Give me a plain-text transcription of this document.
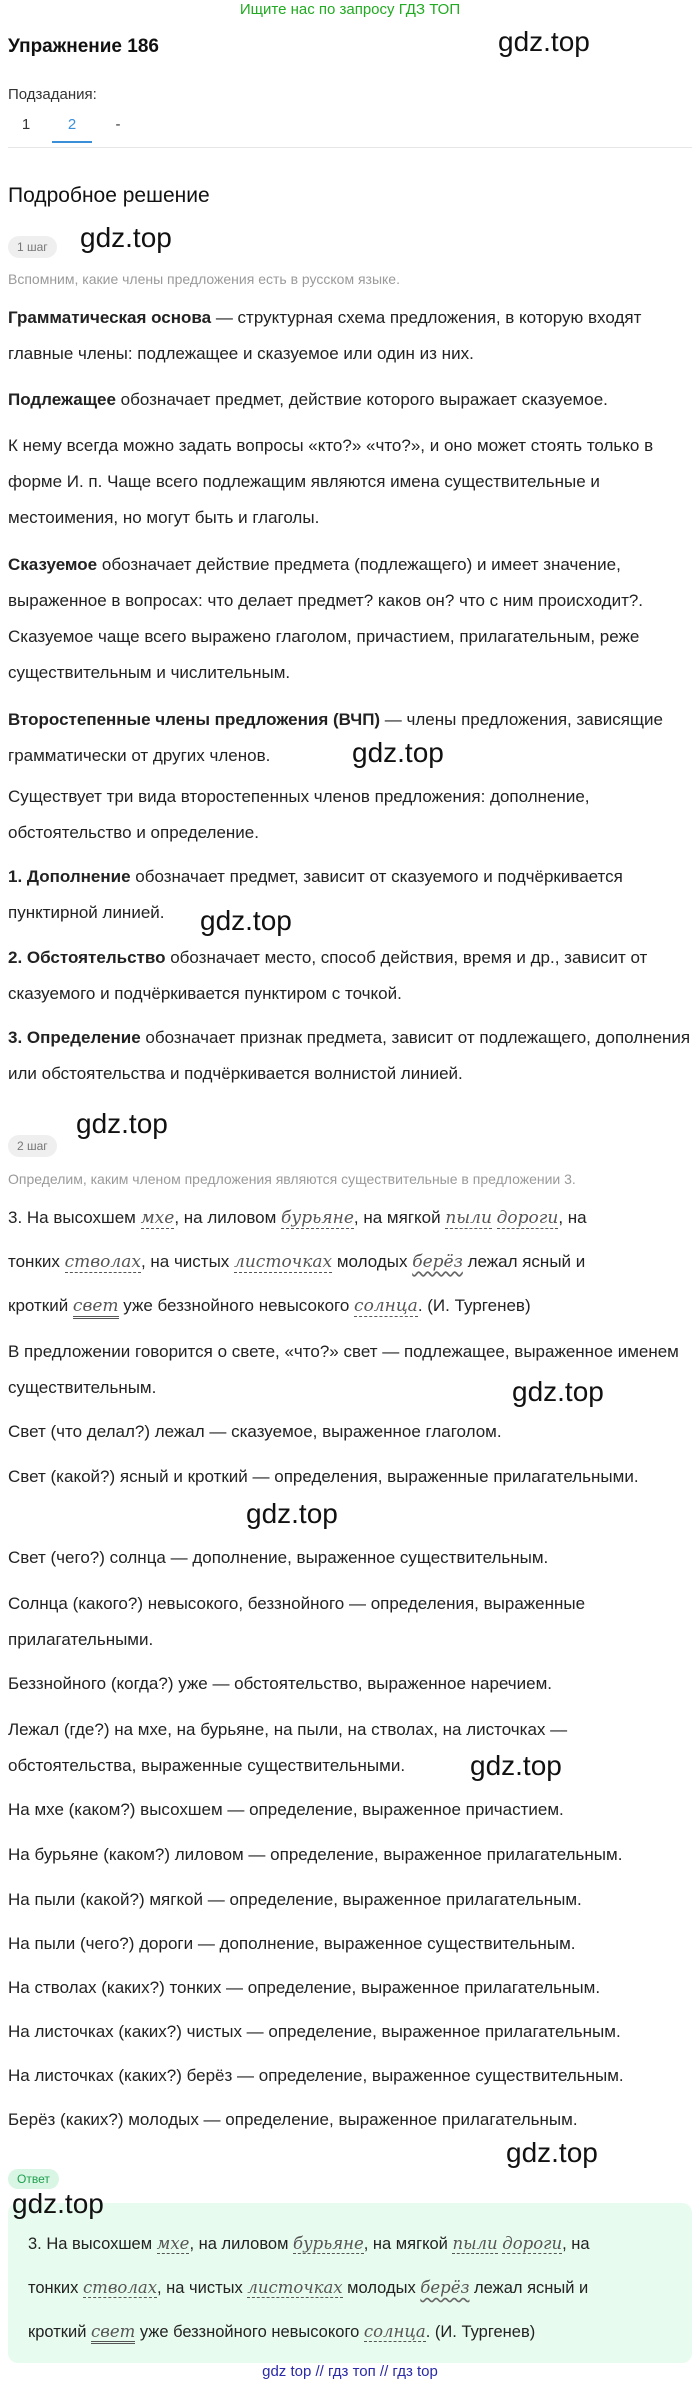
Ищите нас по запросу ГДЗ ТОП
Упражнение 186	gdz.top
Подзадания:
1	2	-
Подробное решение
1 шаг	gdz.top
Вспомним, какие члены предложения есть в русском языке.
Грамматическая основа — структурная схема предложения, в которую входят главные члены: подлежащее и сказуемое или один из них.
Подлежащее обозначает предмет, действие которого выражает сказуемое.
К нему всегда можно задать вопросы «кто?» «что?», и оно может стоять только в форме И. п. Чаще всего подлежащим являются имена существительные и местоимения, но могут быть и глаголы.
Сказуемое обозначает действие предмета (подлежащего) и имеет значение, выраженное в вопросах: что делает предмет? каков он? что с ним происходит?. Сказуемое чаще всего выражено глаголом, причастием, прилагательным, реже существительным и числительным.
Второстепенные члены предложения (ВЧП) — члены предложения, зависящие грамматически от других членов.	gdz.top
Существует три вида второстепенных членов предложения: дополнение, обстоятельство и определение.
1. Дополнение обозначает предмет, зависит от сказуемого и подчёркивается пунктирной линией.	gdz.top
2. Обстоятельство обозначает место, способ действия, время и др., зависит от сказуемого и подчёркивается пунктиром с точкой.
3. Определение обозначает признак предмета, зависит от подлежащего, дополнения или обстоятельства и подчёркивается волнистой линией.
2 шаг
gdz.top
Определим, каким членом предложения являются существительные в предложении 3.
3. На высохшем мхе, на лиловом бурьяне, на мягкой пыли дороги, на
тонких стволах, на чистых листочках молодых берёз лежал ясный и
кроткий свет уже беззнойного невысокого солнца. (И. Тургенев)
В предложении говорится о свете, «что?» свет — подлежащее, выраженное именем существительным.	gdz.top
Свет (что делал?) лежал — сказуемое, выраженное глаголом.
Свет (какой?) ясный и кроткий — определения, выраженные прилагательными.
gdz.top
Свет (чего?) солнца — дополнение, выраженное существительным.
Солнца (какого?) невысокого, беззнойного — определения, выраженные прилагательными.
Беззнойного (когда?) уже — обстоятельство, выраженное наречием.
Лежал (где?) на мхе, на бурьяне, на пыли, на стволах, на листочках — обстоятельства, выраженные существительными.	gdz.top
На мхе (каком?) высохшем — определение, выраженное причастием.
На бурьяне (каком?) лиловом — определение, выраженное прилагательным.
На пыли (какой?) мягкой — определение, выраженное прилагательным.
На пыли (чего?) дороги — дополнение, выраженное существительным.
На стволах (каких?) тонких — определение, выраженное прилагательным.
На листочках (каких?) чистых — определение, выраженное прилагательным.
На листочках (каких?) берёз — определение, выраженное существительным.
Берёз (каких?) молодых — определение, выраженное прилагательным.
gdz.top
Ответ
gdz.top
3. На высохшем мхе, на лиловом бурьяне, на мягкой пыли дороги, на
тонких стволах, на чистых листочках молодых берёз лежал ясный и
кроткий свет уже беззнойного невысокого солнца. (И. Тургенев)
gdz top // гдз топ // гдз top
